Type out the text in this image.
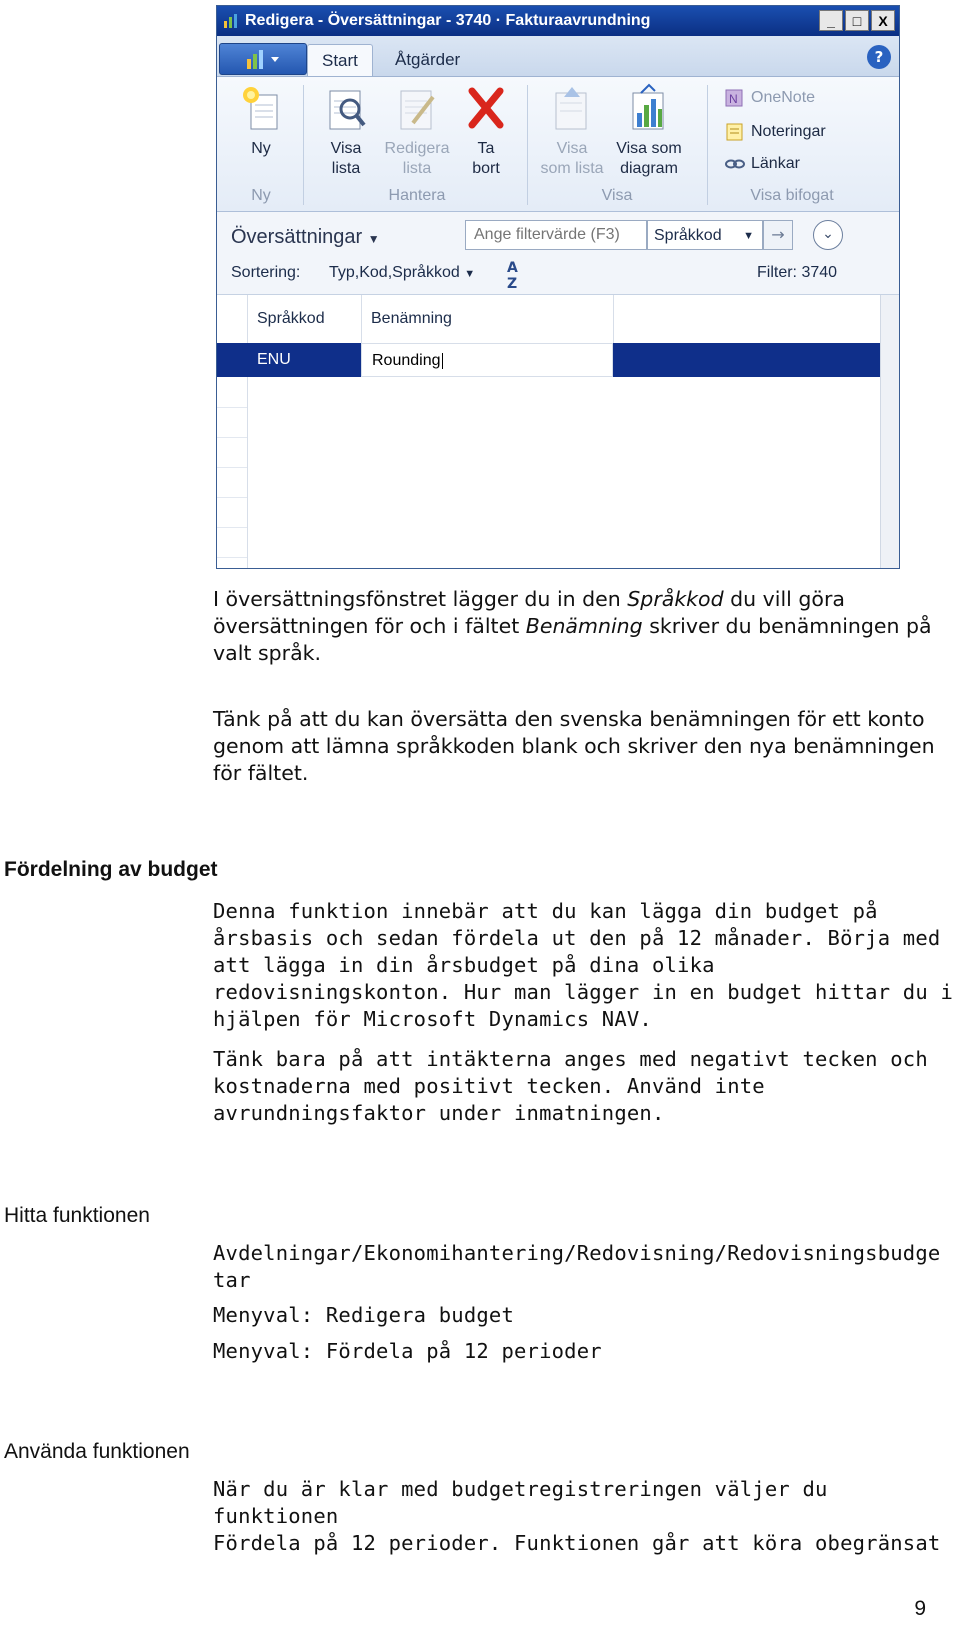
Redigera - Översättningar - 3740 · Fakturaavrundning	_	□	X
Start	Åtgärder	?
Ny	Visa
lista
Redigera
lista
Ta
bort
Visa
som lista
Visa som
diagram
N OneNote
Noteringar
Länkar
Ny	Hantera	Visa	Visa bifogat
Översättningar ▼
Ange filtervärde (F3)	Språkkod ▼	→	⌄
Sortering: Typ,Kod,Språkkod ▼ A
Z
Filter: 3740
Språkkod	Benämning
ENU	Rounding

I översättningsfönstret lägger du in den Språkkod du vill göra översättningen för och i fältet Benämning skriver du benämningen på valt språk.

Tänk på att du kan översätta den svenska benämningen för ett konto genom att lämna språkkoden blank och skriver den nya benämningen för fältet.

Fördelning av budget

Denna funktion innebär att du kan lägga din budget på årsbasis och sedan fördela ut den på 12 månader. Börja med att lägga in din årsbudget på dina olika redovisningskonton. Hur man lägger in en budget hittar du i hjälpen för Microsoft Dynamics NAV.

Tänk bara på att intäkterna anges med negativt tecken och kostnaderna med positivt tecken. Använd inte avrundningsfaktor under inmatningen.

Hitta funktionen

Avdelningar/Ekonomihantering/Redovisning/Redovisningsbudge
tar

Menyval: Redigera budget

Menyval: Fördela på 12 perioder

Använda funktionen

När du är klar med budgetregistreringen väljer du funktionen
Fördela på 12 perioder. Funktionen går att köra obegränsat

9
